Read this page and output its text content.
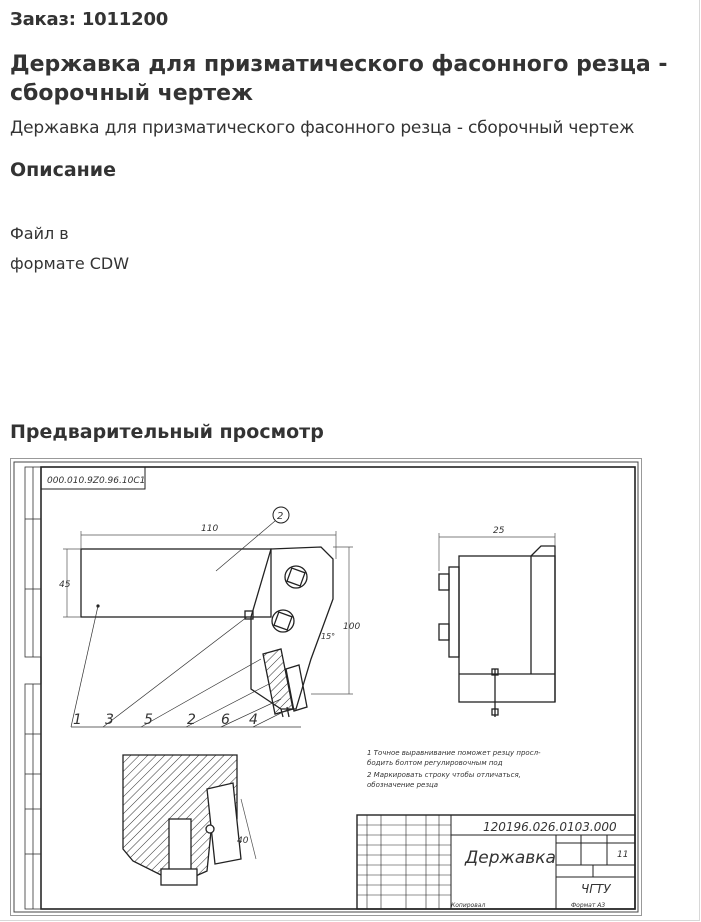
Заказ: 1011200
Державка для призматического фасонного резца - сборочный чертеж
Державка для призматического фасонного резца - сборочный чертеж
Описание
Файл в
формате CDW
Предварительный просмотр
000.010.9Z0.96.10C1
110
45
100
15°
2
1 3 5 2 6 4
25
40
1 Точное выравнивание поможет резцу просл-
бодить болтом регулировочным под
2 Маркировать строку чтобы отличаться,
обозначение резца
120196.026.0103.000
Державка	11
ЧГТУ
Копировал	Формат А3
